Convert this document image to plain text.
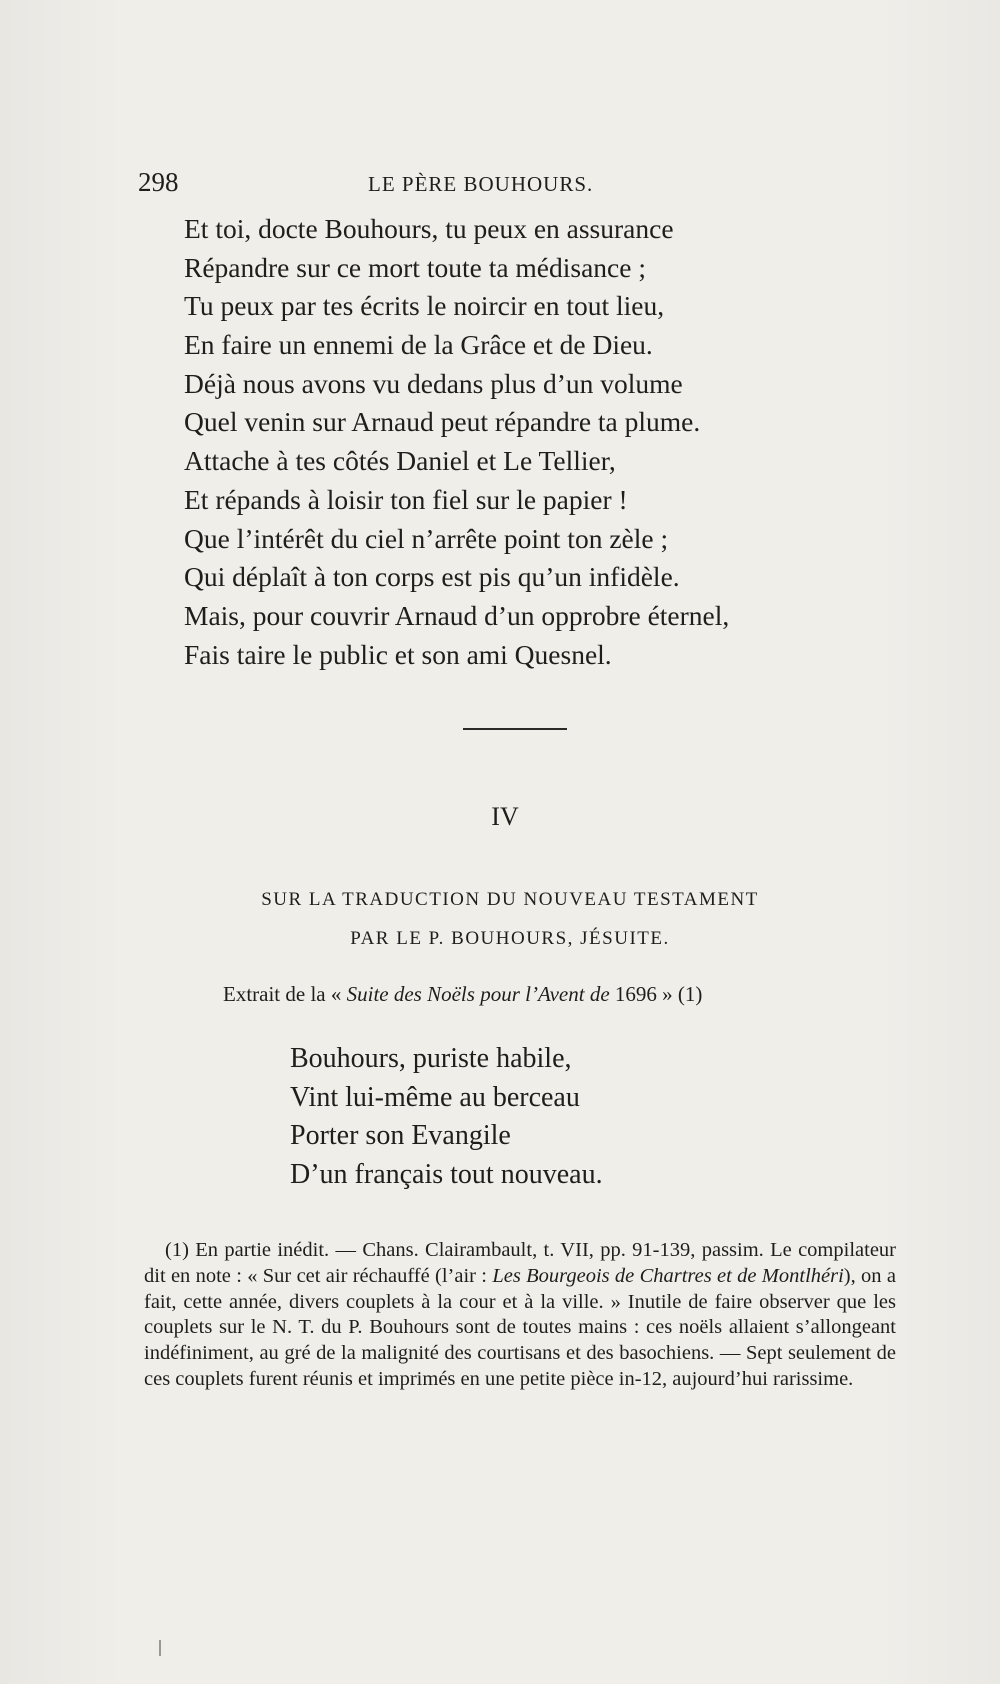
298	LE PÈRE BOUHOURS.
Et toi, docte Bouhours, tu peux en assurance
Répandre sur ce mort toute ta médisance ;
Tu peux par tes écrits le noircir en tout lieu,
En faire un ennemi de la Grâce et de Dieu.
Déjà nous avons vu dedans plus d’un volume
Quel venin sur Arnaud peut répandre ta plume.
Attache à tes côtés Daniel et Le Tellier,
Et répands à loisir ton fiel sur le papier !
Que l’intérêt du ciel n’arrête point ton zèle ;
Qui déplaît à ton corps est pis qu’un infidèle.
Mais, pour couvrir Arnaud d’un opprobre éternel,
Fais taire le public et son ami Quesnel.
IV
SUR LA TRADUCTION DU NOUVEAU TESTAMENT
PAR LE P. BOUHOURS, JÉSUITE.
Extrait de la « Suite des Noëls pour l’Avent de 1696 » (1)
Bouhours, puriste habile,
Vint lui-même au berceau
Porter son Evangile
D’un français tout nouveau.

(1) En partie inédit. — Chans. Clairambault, t. VII, pp. 91-139, passim. Le compilateur dit en note : « Sur cet air réchauffé (l’air : Les Bourgeois de Chartres et de Montlhéri), on a fait, cette année, divers couplets à la cour et à la ville. » Inutile de faire observer que les couplets sur le N. T. du P. Bouhours sont de toutes mains : ces noëls allaient s’allongeant indéfiniment, au gré de la malignité des courtisans et des basochiens. — Sept seulement de ces couplets furent réunis et imprimés en une petite pièce in-12, aujourd’hui rarissime.
